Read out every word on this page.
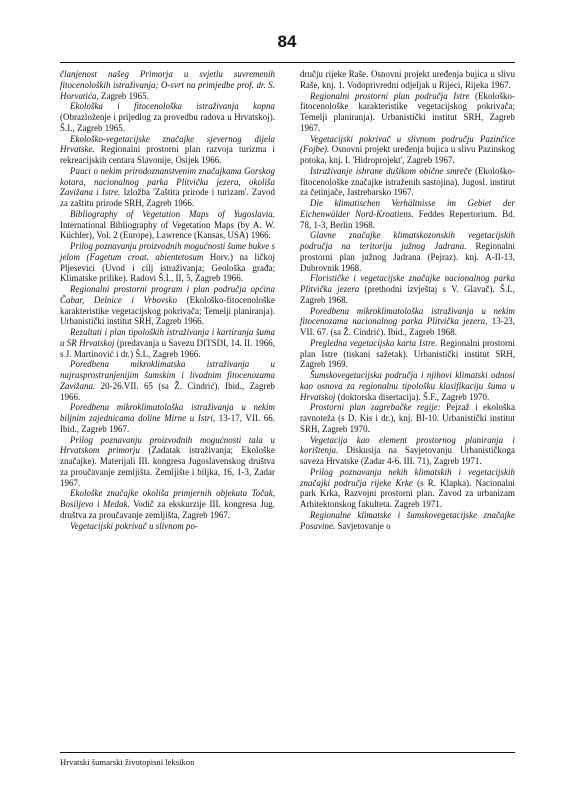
84

članjenost našeg Primorja u svjetlu suvremenih fitocenoloških istraživanja; O-svrt na primjedbe prof. dr. S. Horvatića, Zagreb 1965.

Ekološka i fitocenološka istraživanja kopna (Obrazloženje i prijedlog za provedbu radova u Hrvatskoj). Š.I., Zagreb 1965.

Ekološko-vegetacijske značajke sjevernog dijela Hrvatske. Regionalni prostorni plan razvoja turizma i rekreacijskih centara Slavonije, Osijek 1966.

Pauci o nekim prirodoznanstvenim značajkama Gorskog kotara, nacionalnog parka Plitvička jezera, okoliša Zavižana i Istre. Izložba 'Zaštita prirode i turizam'. Zavod za zaštitu prirode SRH, Zagreb 1966.

Bibliography of Vegetation Maps of Yugoslavia. International Bibliography of Vegetation Maps (by A. W. Küchler), Vol. 2 (Europe), Lawrence (Kansas, USA) 1966.

Prilog poznavanju proizvodnih mogućnosti šume bukve s jelom (Fagetum croat. abientetosum Horv.) na ličkoj Pljesevici (Uvod i cilj istraživanja; Geološka građa; Klimatske prilike). Radovi Š.I., II, 5, Zagreb 1966.

Regionalni prostorni program i plan područja općina Čabar, Delnice i Vrbovsko (Ekološko-fitocenološke karakteristike vegetacijskog pokrivača; Temelji planiranja). Urbanistički institut SRH, Zagreb 1966.

Rezultati i plan tipoloških istraživanja i kartiranja šuma u SR Hrvatskoj (predavanja u Savezu DITSDI, 14. II. 1966, s J. Martinović i dr.) Š.L, Zagreb 1966.

Poredbena mikroklimatska istraživanja u najrasprostranjenijim šumskim i livadnim fitocenozama Zavižana. 20-26.VII. 65 (sa Ž. Cindrić). Ibid., Zagreb 1966.

Poredbena mikroklimatološka istraživanja u nekim biljnim zajednicama doline Mirne u Istri, 13-17, VII. 66. Ibid., Zagreb 1967.

Prilog poznavanju proizvodnih mogućnosti tala u Hrvatskom primorju (Zadatak istraživanja; Ekološke značajke). Materijali III. kongresa Jugoslavenskog društva za proučavanje zemljišta. Zemljište i biljka, 16, 1-3, Zadar 1967.

Ekološke značajke okoliša primjernih objekata Točak, Bosiljevo i Medak. Vodič za ekskurzije III. kongresa Jug. društva za proučavanje zemljišta, Zagreb 1967.

Vegetacijski pokrivač u slivnom po-

dručju rijeke Raše. Osnovni projekt uređenja bujica u slivu Raše, knj. 1. Vodoprivredni odjeljak u Rijeci, Rijeka 1967.

Regionalni prostorni plan područja Istre (Ekološko-fitocenološke karakteristike vegetacijskog pokrivača; Temelji planiranja). Urbanistički institut SRH, Zagreb 1967.

Vegetacijski pokrivač u slivnom području Pazinčice (Fojbe). Osnovni projekt uređenja bujica u slivu Pazinskog potoka, knj. I. 'Hidroprojekt', Zagreb 1967.

Istraživanje ishrane dušikom obične smreče (Ekološko-fitocenološke značajke istraženih sastojina). Jugosl. institut za četinjače, Jastrebarsko 1967.

Die klimatischen Verhältnisse im Gebiet der Eichenwälder Nord-Kroatiens. Feddes Repertorium. Bd. 78, 1-3, Berlin 1968.

Glavne značajke klimatskozonskih vegetacijskih područja na teritoriju južnog Jadrana. Regionalni prostorni plan južnog Jadrana (Pejraz). knj. A-II-13, Dubrovnik 1968.

Florističke i vegetacijske značajke nacionalnog parka Plitvička jezera (prethodni izvještaj s V. Glavač). Š.L, Zagreb 1968.

Poredbena mikroklimatološka istraživanja u nekim fitocenozama nacionalnog parka Plitvička jezera, 13-23, VII. 67. (sa Ž. Cindrić). Ibid., Zagreb 1968.

Pregledna vegetacijska karta Istre. Regionalni prostorni plan Istre (tiskani sažetak). Urbanistički institut SRH, Zagreb 1969.

Šumskovegetacijska područja i njihovi klimatski odnosi kao osnova za regionalnu tipološku klasifikaciju šuma u Hrvatskoj (doktorska disertacija). Š.F., Zagreb 1970.

Prostorni plan zagrebačke regije: Pejzaž i ekološka ravnoteža (s D. Kis i dr.), knj. BI-10. Urbanistički institut SRH, Zagreb 1970.

Vegetacija kao element prostornog planiranja i korištenja. Diskusija na Savjetovanju Urbanističkoga saveza Hrvatske (Zadar 4-6. III. 71), Zagreb 1971.

Prilog poznavanju nekih klimatskih i vegetacijskih značajki područja rijeke Krke (s R. Klapka). Nacionalni park Krka, Razvojni prostorni plan. Zavod za urbanizam Arhitektonskog fakulteta. Zagreb 1971.

Regionalne klimatske i šumskovegetacijske značajke Posavine. Savjetovanje o

Hrvatski šumarski životopisni leksikon
